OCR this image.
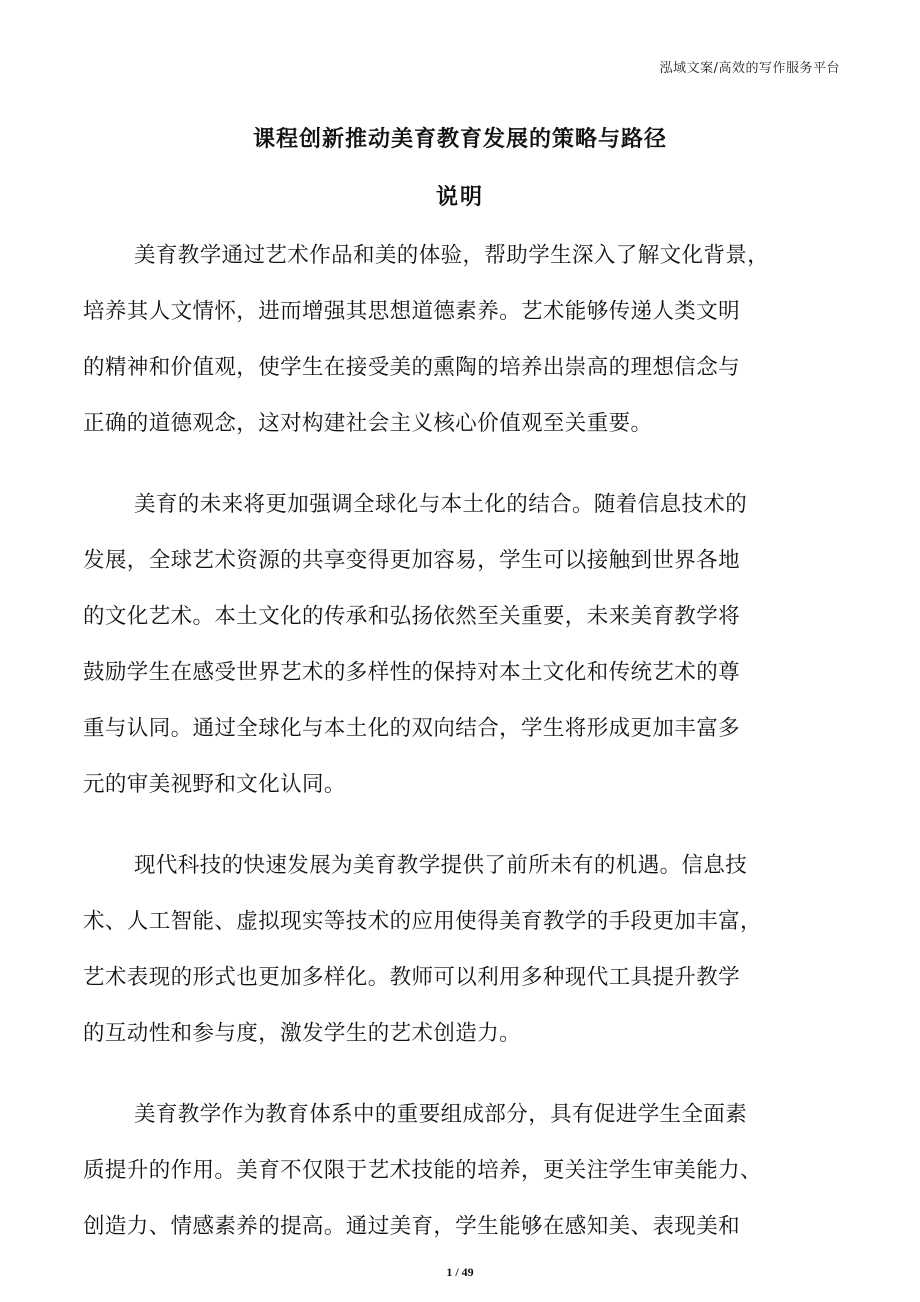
泓域文案/高效的写作服务平台
课程创新推动美育教育发展的策略与路径
说明
美育教学通过艺术作品和美的体验，帮助学生深入了解文化背景，
培养其人文情怀，进而增强其思想道德素养。艺术能够传递人类文明
的精神和价值观，使学生在接受美的熏陶的培养出崇高的理想信念与
正确的道德观念，这对构建社会主义核心价值观至关重要。
美育的未来将更加强调全球化与本土化的结合。随着信息技术的
发展，全球艺术资源的共享变得更加容易，学生可以接触到世界各地
的文化艺术。本土文化的传承和弘扬依然至关重要，未来美育教学将
鼓励学生在感受世界艺术的多样性的保持对本土文化和传统艺术的尊
重与认同。通过全球化与本土化的双向结合，学生将形成更加丰富多
元的审美视野和文化认同。
现代科技的快速发展为美育教学提供了前所未有的机遇。信息技
术、人工智能、虚拟现实等技术的应用使得美育教学的手段更加丰富，
艺术表现的形式也更加多样化。教师可以利用多种现代工具提升教学
的互动性和参与度，激发学生的艺术创造力。
美育教学作为教育体系中的重要组成部分，具有促进学生全面素
质提升的作用。美育不仅限于艺术技能的培养，更关注学生审美能力、
创造力、情感素养的提高。通过美育，学生能够在感知美、表现美和
1 / 49
